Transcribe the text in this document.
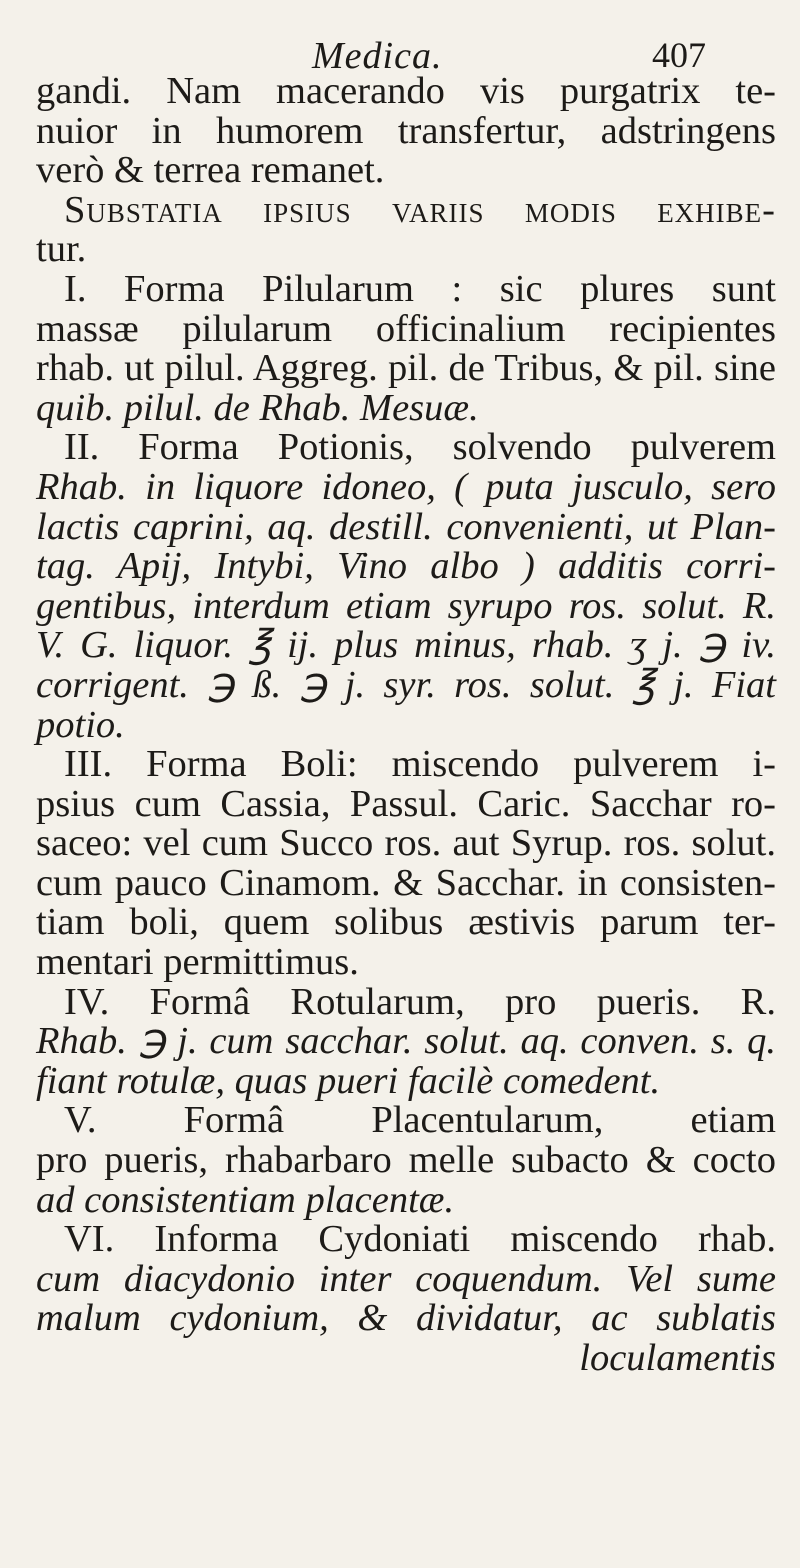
Medica.	407
gandi. Nam macerando vis purgatrix te-
nuior in humorem transfertur, adstringens
verò & terrea remanet.
Substatia ipsius variis modis exhibe-
tur.
I. Forma Pilularum : sic plures sunt
massæ pilularum officinalium recipientes
rhab. ut pilul. Aggreg. pil. de Tribus, & pil. sine
quib. pilul. de Rhab. Mesuæ.
II. Forma Potionis, solvendo pulverem
Rhab. in liquore idoneo, ( puta jusculo, sero
lactis caprini, aq. destill. convenienti, ut Plan-
tag. Apij, Intybi, Vino albo ) additis corri-
gentibus, interdum etiam syrupo ros. solut. R.
V. G. liquor. ℥ ij. plus minus, rhab. ʒ j. ℈ iv.
corrigent. ℈ ß. ℈ j. syr. ros. solut. ℥ j. Fiat
potio.
III. Forma Boli: miscendo pulverem i-
psius cum Cassia, Passul. Caric. Sacchar ro-
saceo: vel cum Succo ros. aut Syrup. ros. solut.
cum pauco Cinamom. & Sacchar. in consisten-
tiam boli, quem solibus æstivis parum ter-
mentari permittimus.
IV. Formâ Rotularum, pro pueris. R.
Rhab. ℈ j. cum sacchar. solut. aq. conven. s. q.
fiant rotulæ, quas pueri facilè comedent.
V. Formâ Placentularum, etiam
pro pueris, rhabarbaro melle subacto & cocto
ad consistentiam placentæ.
VI. Informa Cydoniati miscendo rhab.
cum diacydonio inter coquendum. Vel sume
malum cydonium, & dividatur, ac sublatis
loculamentis
